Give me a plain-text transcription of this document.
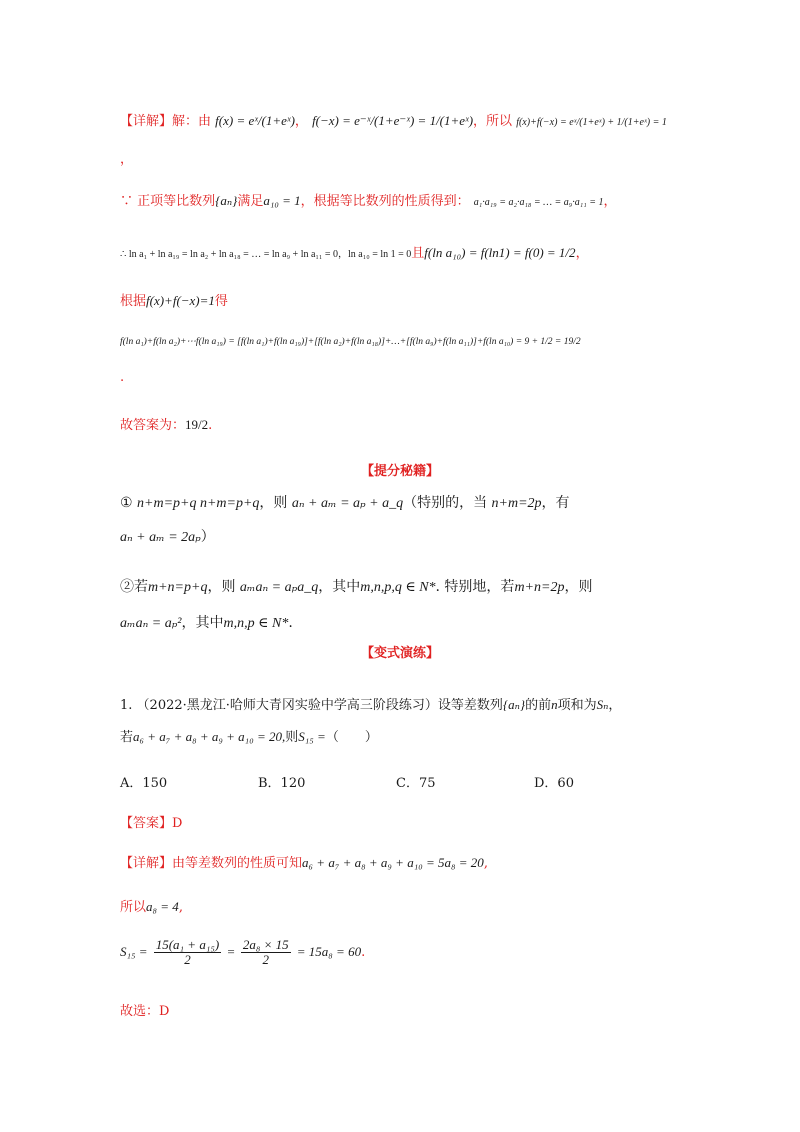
【详解】解：由 f(x) = eˣ/(1+eˣ)， f(−x) = e⁻ˣ/(1+e⁻ˣ) = 1/(1+eˣ)，所以 f(x)+f(−x) = eˣ/(1+eˣ) + 1/(1+eˣ) = 1
，
∵ 正项等比数列{aₙ}满足a₁₀ = 1，根据等比数列的性质得到： a₁·a₁₉ = a₂·a₁₈ = … = a₉·a₁₁ = 1，
∴ ln a₁ + ln a₁₉ = ln a₂ + ln a₁₈ = … = ln a₉ + ln a₁₁ = 0，ln a₁₀ = ln 1 = 0且f(ln a₁₀) = f(ln1) = f(0) = 1/2，
根据f(x)+f(−x)=1得
f(ln a₁)+f(ln a₂)+⋯f(ln a₁₉) = [f(ln a₁)+f(ln a₁₉)]+[f(ln a₂)+f(ln a₁₈)]+…+[f(ln a₉)+f(ln a₁₁)]+f(ln a₁₀) = 9 + 1/2 = 19/2
.
故答案为：19/2.
【提分秘籍】
① n+m=p+q n+m=p+q，则 aₙ + aₘ = aₚ + a_q（特别的，当 n+m=2p，有
aₙ + aₘ = 2aₚ）
②若m+n=p+q，则 aₘaₙ = aₚa_q，其中m,n,p,q ∈ N*. 特别地，若m+n=2p，则
aₘaₙ = aₚ²，其中m,n,p ∈ N*.
【变式演练】
1. （2022·黑龙江·哈师大青冈实验中学高三阶段练习）设等差数列{aₙ}的前n项和为Sₙ，
若a₆ + a₇ + a₈ + a₉ + a₁₀ = 20,则S₁₅ =（　　）
A．150	B．120	C．75	D．60
【答案】D
【详解】由等差数列的性质可知a₆ + a₇ + a₈ + a₉ + a₁₀ = 5a₈ = 20,
所以a₈ = 4,
$S_{15} = \frac{\text{15(a₁ + a₁₅)}}{2} = \frac{\text{2a₈ × 15}}{2} = 15a_8 = 60$.
故选：D
